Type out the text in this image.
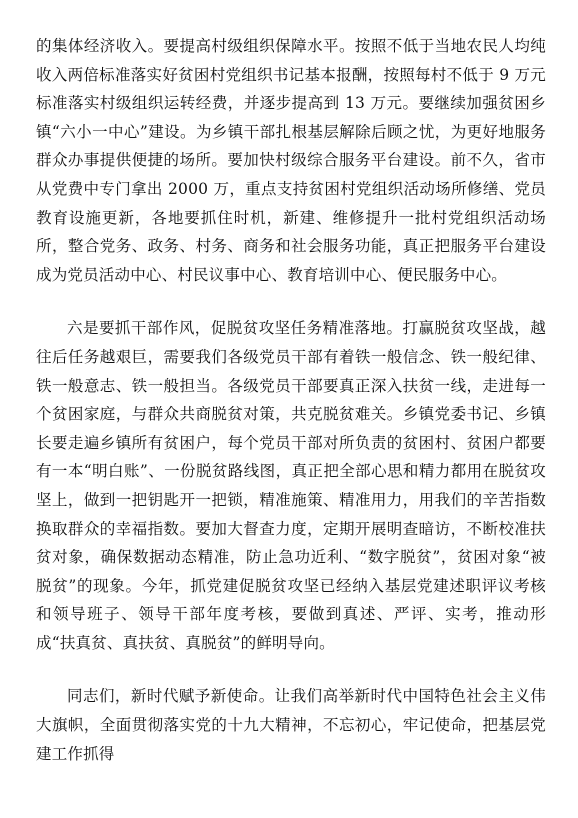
的集体经济收入。要提高村级组织保障水平。按照不低于当地农民人均纯收入两倍标准落实好贫困村党组织书记基本报酬，按照每村不低于 9 万元标准落实村级组织运转经费，并逐步提高到 13 万元。要继续加强贫困乡镇“六小一中心”建设。为乡镇干部扎根基层解除后顾之忧，为更好地服务群众办事提供便捷的场所。要加快村级综合服务平台建设。前不久，省市从党费中专门拿出 2000 万，重点支持贫困村党组织活动场所修缮、党员教育设施更新，各地要抓住时机，新建、维修提升一批村党组织活动场所，整合党务、政务、村务、商务和社会服务功能，真正把服务平台建设成为党员活动中心、村民议事中心、教育培训中心、便民服务中心。

六是要抓干部作风，促脱贫攻坚任务精准落地。打赢脱贫攻坚战，越往后任务越艰巨，需要我们各级党员干部有着铁一般信念、铁一般纪律、铁一般意志、铁一般担当。各级党员干部要真正深入扶贫一线，走进每一个贫困家庭，与群众共商脱贫对策，共克脱贫难关。乡镇党委书记、乡镇长要走遍乡镇所有贫困户，每个党员干部对所负责的贫困村、贫困户都要有一本“明白账”、一份脱贫路线图，真正把全部心思和精力都用在脱贫攻坚上，做到一把钥匙开一把锁，精准施策、精准用力，用我们的辛苦指数换取群众的幸福指数。要加大督查力度，定期开展明查暗访，不断校准扶贫对象，确保数据动态精准，防止急功近利、“数字脱贫”，贫困对象“被脱贫”的现象。今年，抓党建促脱贫攻坚已经纳入基层党建述职评议考核和领导班子、领导干部年度考核，要做到真述、严评、实考，推动形成“扶真贫、真扶贫、真脱贫”的鲜明导向。

同志们，新时代赋予新使命。让我们高举新时代中国特色社会主义伟大旗帜，全面贯彻落实党的十九大精神，不忘初心，牢记使命，把基层党建工作抓得
